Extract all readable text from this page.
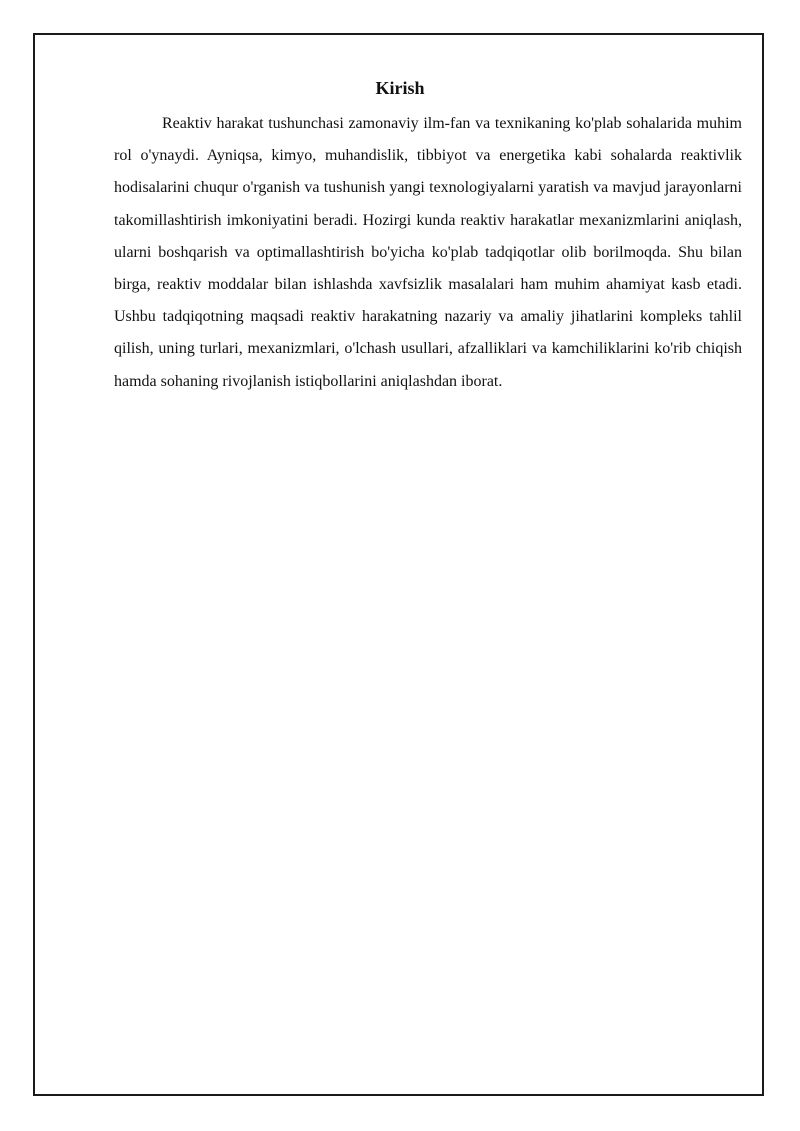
Kirish

Reaktiv harakat tushunchasi zamonaviy ilm-fan va texnikaning ko'plab sohalarida muhim rol o'ynaydi. Ayniqsa, kimyo, muhandislik, tibbiyot va energetika kabi sohalarda reaktivlik hodisalarini chuqur o'rganish va tushunish yangi texnologiyalarni yaratish va mavjud jarayonlarni takomillashtirish imkoniyatini beradi. Hozirgi kunda reaktiv harakatlar mexanizmlarini aniqlash, ularni boshqarish va optimallashtirish bo'yicha ko'plab tadqiqotlar olib borilmoqda. Shu bilan birga, reaktiv moddalar bilan ishlashda xavfsizlik masalalari ham muhim ahamiyat kasb etadi. Ushbu tadqiqotning maqsadi reaktiv harakatning nazariy va amaliy jihatlarini kompleks tahlil qilish, uning turlari, mexanizmlari, o'lchash usullari, afzalliklari va kamchiliklarini ko'rib chiqish hamda sohaning rivojlanish istiqbollarini aniqlashdan iborat.
